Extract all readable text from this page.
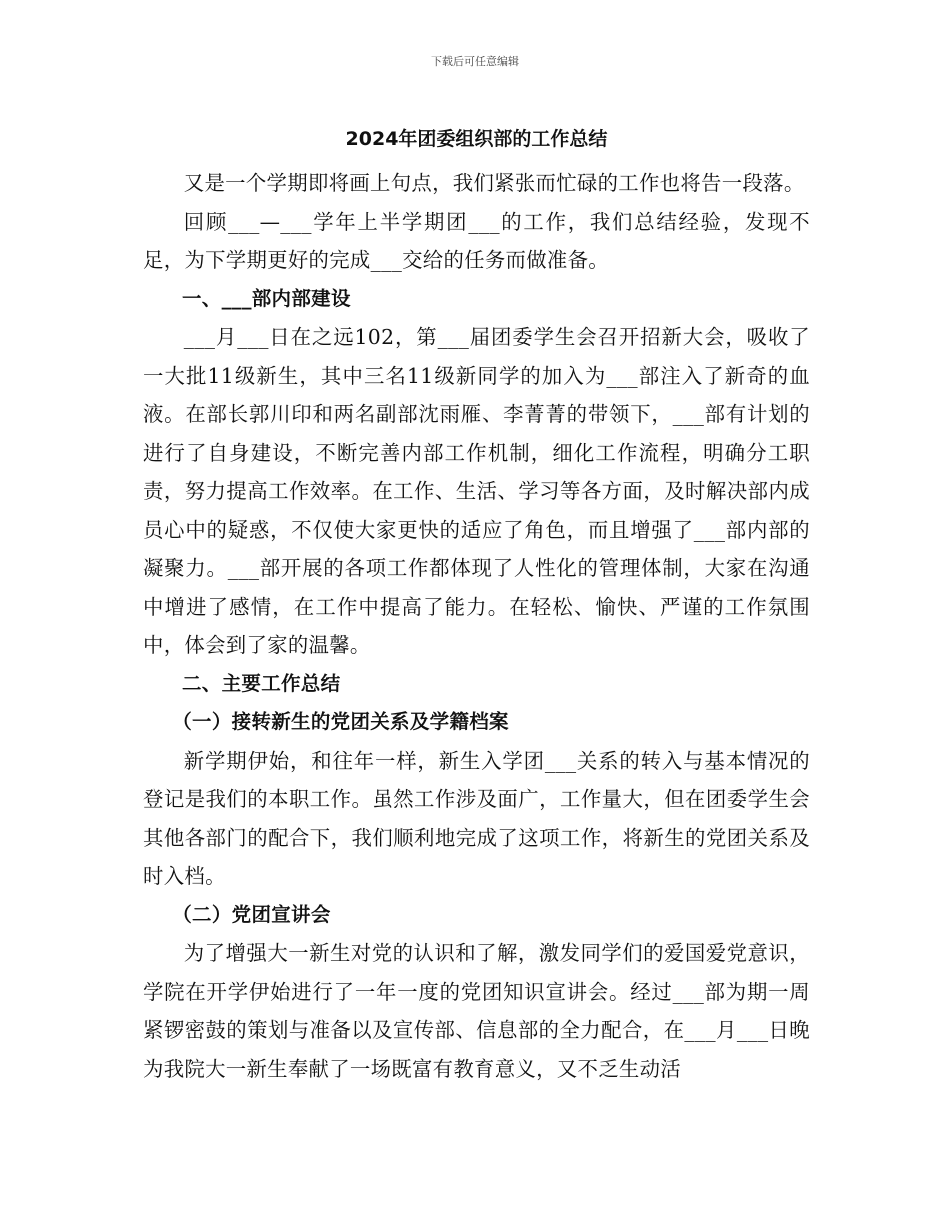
下载后可任意编辑
2024年团委组织部的工作总结

又是一个学期即将画上句点，我们紧张而忙碌的工作也将告一段落。

回顾___—___学年上半学期团___的工作，我们总结经验，发现不足，为下学期更好的完成___交给的任务而做准备。

一、___部内部建设

___月___日在之远102，第___届团委学生会召开招新大会，吸收了一大批11级新生，其中三名11级新同学的加入为___部注入了新奇的血液。在部长郭川印和两名副部沈雨雁、李菁菁的带领下，___部有计划的进行了自身建设，不断完善内部工作机制，细化工作流程，明确分工职责，努力提高工作效率。在工作、生活、学习等各方面，及时解决部内成员心中的疑惑，不仅使大家更快的适应了角色，而且增强了___部内部的凝聚力。___部开展的各项工作都体现了人性化的管理体制，大家在沟通中增进了感情，在工作中提高了能力。在轻松、愉快、严谨的工作氛围中，体会到了家的温馨。

二、主要工作总结

（一）接转新生的党团关系及学籍档案

新学期伊始，和往年一样，新生入学团___关系的转入与基本情况的登记是我们的本职工作。虽然工作涉及面广，工作量大，但在团委学生会其他各部门的配合下，我们顺利地完成了这项工作，将新生的党团关系及时入档。

（二）党团宣讲会

为了增强大一新生对党的认识和了解，激发同学们的爱国爱党意识，学院在开学伊始进行了一年一度的党团知识宣讲会。经过___部为期一周紧锣密鼓的策划与准备以及宣传部、信息部的全力配合，在___月___日晚为我院大一新生奉献了一场既富有教育意义，又不乏生动活
